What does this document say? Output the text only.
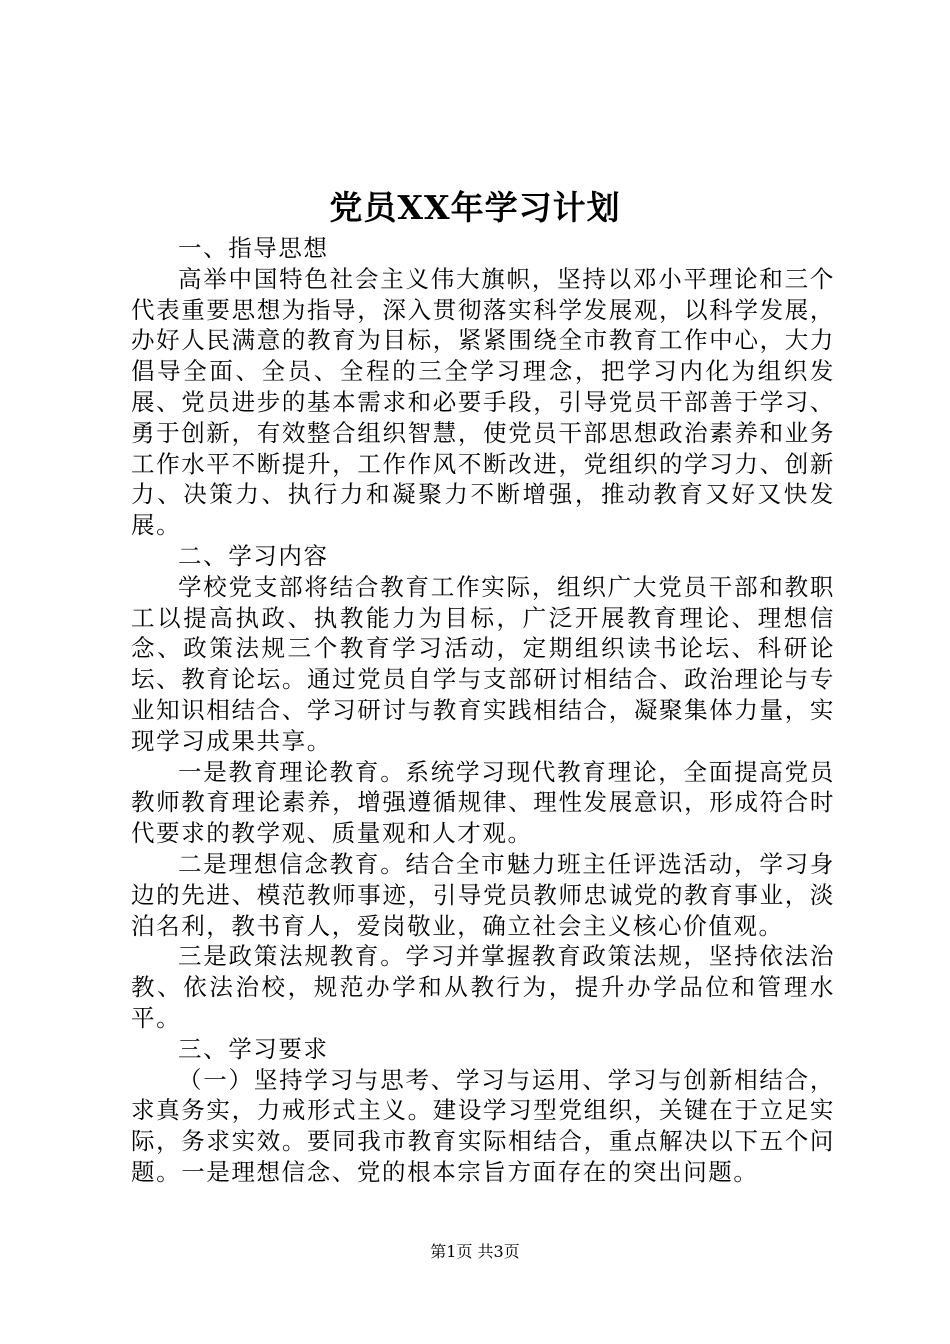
党员XX年学习计划

一、指导思想

高举中国特色社会主义伟大旗帜，坚持以邓小平理论和三个代表重要思想为指导，深入贯彻落实科学发展观，以科学发展，办好人民满意的教育为目标，紧紧围绕全市教育工作中心，大力倡导全面、全员、全程的三全学习理念，把学习内化为组织发展、党员进步的基本需求和必要手段，引导党员干部善于学习、勇于创新，有效整合组织智慧，使党员干部思想政治素养和业务工作水平不断提升，工作作风不断改进，党组织的学习力、创新力、决策力、执行力和凝聚力不断增强，推动教育又好又快发展。

二、学习内容

学校党支部将结合教育工作实际，组织广大党员干部和教职工以提高执政、执教能力为目标，广泛开展教育理论、理想信念、政策法规三个教育学习活动，定期组织读书论坛、科研论坛、教育论坛。通过党员自学与支部研讨相结合、政治理论与专业知识相结合、学习研讨与教育实践相结合，凝聚集体力量，实现学习成果共享。

一是教育理论教育。系统学习现代教育理论，全面提高党员教师教育理论素养，增强遵循规律、理性发展意识，形成符合时代要求的教学观、质量观和人才观。

二是理想信念教育。结合全市魅力班主任评选活动，学习身边的先进、模范教师事迹，引导党员教师忠诚党的教育事业，淡泊名利，教书育人，爱岗敬业，确立社会主义核心价值观。

三是政策法规教育。学习并掌握教育政策法规，坚持依法治教、依法治校，规范办学和从教行为，提升办学品位和管理水平。

三、学习要求

（一）坚持学习与思考、学习与运用、学习与创新相结合，求真务实，力戒形式主义。建设学习型党组织，关键在于立足实际，务求实效。要同我市教育实际相结合，重点解决以下五个问题。一是理想信念、党的根本宗旨方面存在的突出问题。

第1页 共3页
